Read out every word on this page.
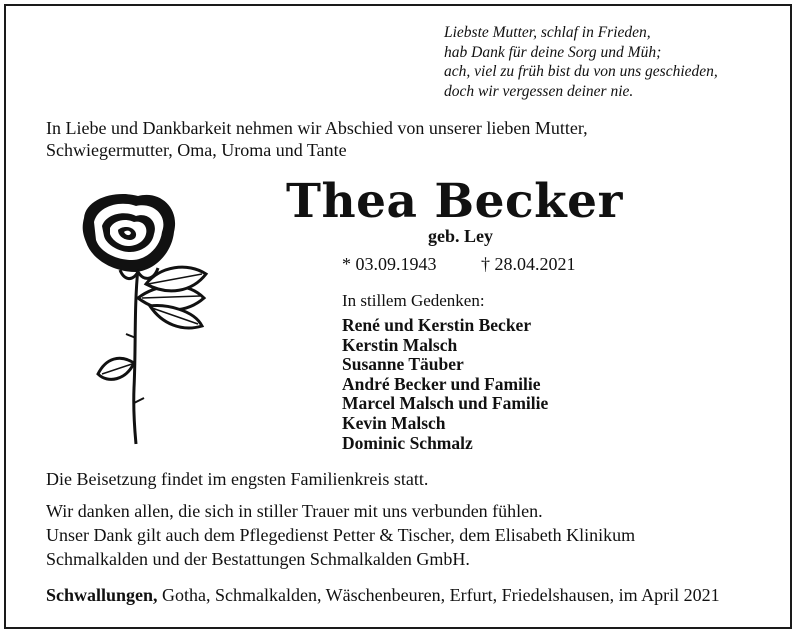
Liebste Mutter, schlaf in Frieden,
hab Dank für deine Sorg und Müh;
ach, viel zu früh bist du von uns geschieden,
doch wir vergessen deiner nie.
In Liebe und Dankbarkeit nehmen wir Abschied von unserer lieben Mutter,
Schwiegermutter, Oma, Uroma und Tante
Thea Becker
geb. Ley
* 03.09.1943 † 28.04.2021
In stillem Gedenken:
René und Kerstin Becker
Kerstin Malsch
Susanne Täuber
André Becker und Familie
Marcel Malsch und Familie
Kevin Malsch
Dominic Schmalz
Die Beisetzung findet im engsten Familienkreis statt.
Wir danken allen, die sich in stiller Trauer mit uns verbunden fühlen.
Unser Dank gilt auch dem Pflegedienst Petter & Tischer, dem Elisabeth Klinikum
Schmalkalden und der Bestattungen Schmalkalden GmbH.
Schwallungen, Gotha, Schmalkalden, Wäschenbeuren, Erfurt, Friedelshausen, im April 2021
